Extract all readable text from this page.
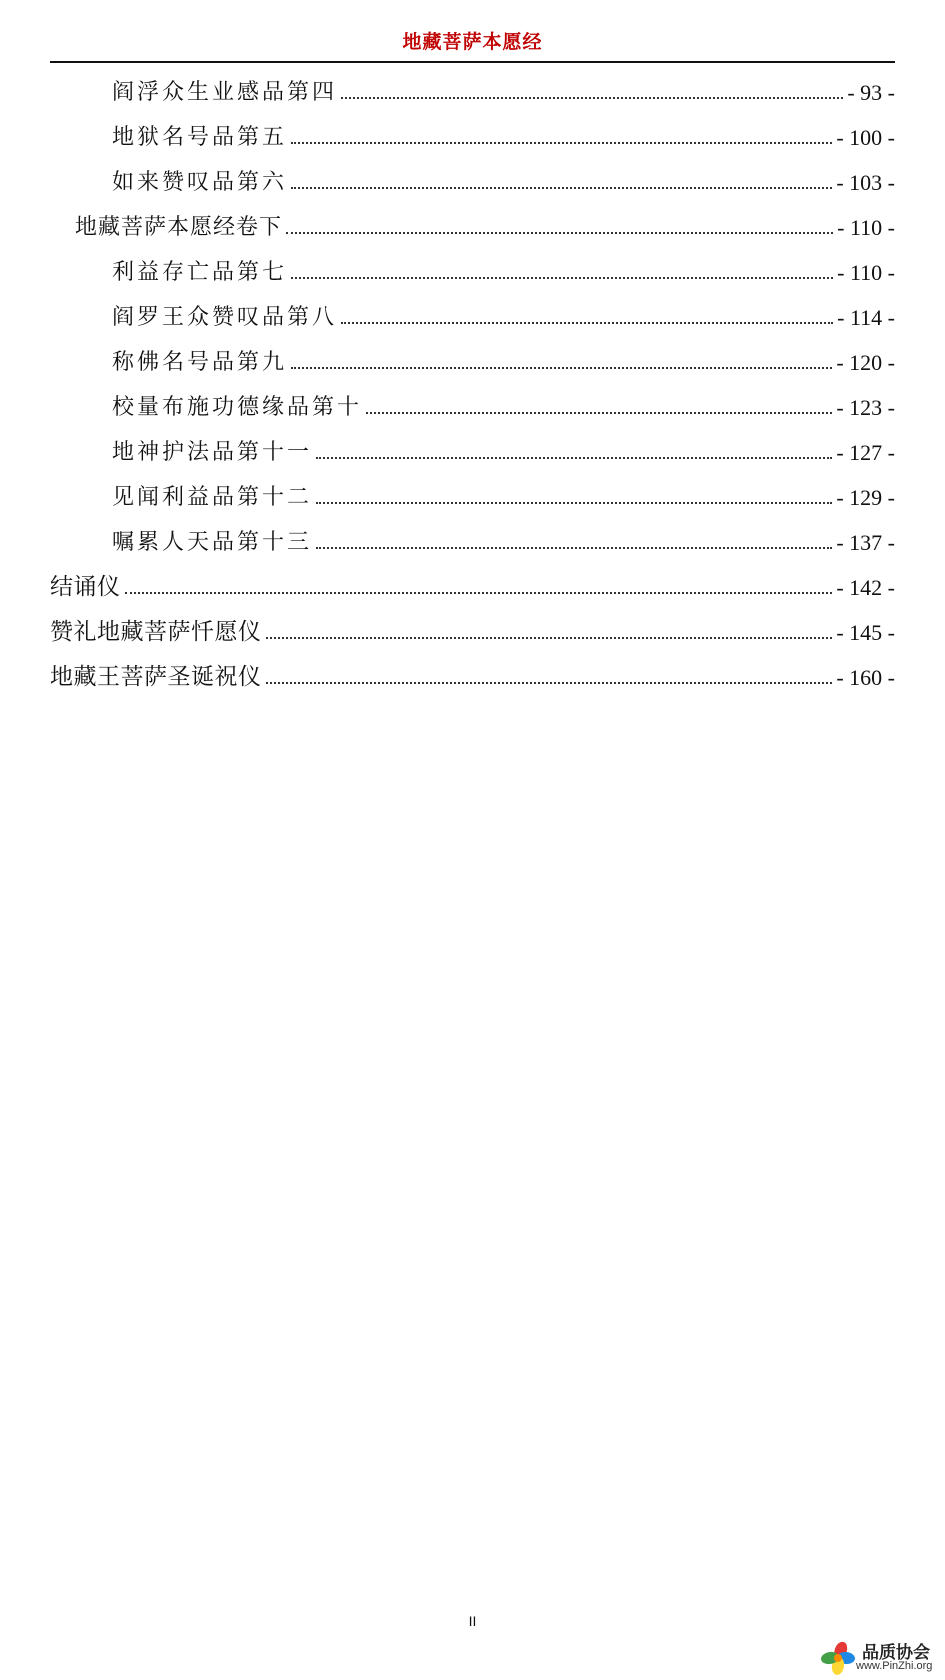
地藏菩萨本愿经
阎浮众生业感品第四	- 93 -
地狱名号品第五	- 100 -
如来赞叹品第六	- 103 -
地藏菩萨本愿经卷下	- 110 -
利益存亡品第七	- 110 -
阎罗王众赞叹品第八	- 114 -
称佛名号品第九	- 120 -
校量布施功德缘品第十	- 123 -
地神护法品第十一	- 127 -
见闻利益品第十二	- 129 -
嘱累人天品第十三	- 137 -
结诵仪	- 142 -
赞礼地藏菩萨忏愿仪	- 145 -
地藏王菩萨圣诞祝仪	- 160 -
II
品质协会
www.PinZhi.org
